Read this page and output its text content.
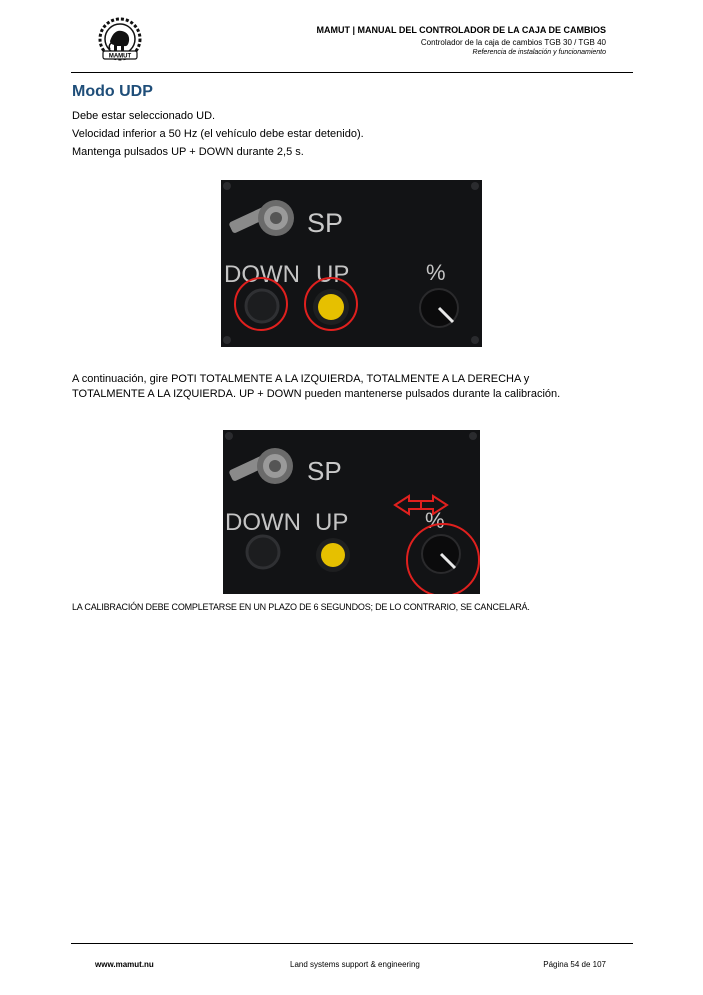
MAMUT
MAMUT | MANUAL DEL CONTROLADOR DE LA CAJA DE CAMBIOS
Controlador de la caja de cambios TGB 30 / TGB 40
Referencia de instalación y funcionamiento
Modo UDP
Debe estar seleccionado UD.
Velocidad inferior a 50 Hz (el vehículo debe estar detenido).
Mantenga pulsados UP + DOWN durante 2,5 s.
SP
DOWN UP	%
A continuación, gire POTI TOTALMENTE A LA IZQUIERDA, TOTALMENTE A LA DERECHA y
TOTALMENTE A LA IZQUIERDA. UP + DOWN pueden mantenerse pulsados durante la calibración.
SP
DOWN UP	%
LA CALIBRACIÓN DEBE COMPLETARSE EN UN PLAZO DE 6 SEGUNDOS; DE LO CONTRARIO, SE CANCELARÁ.
www.mamut.nu	Land systems support & engineering	Página 54 de 107
